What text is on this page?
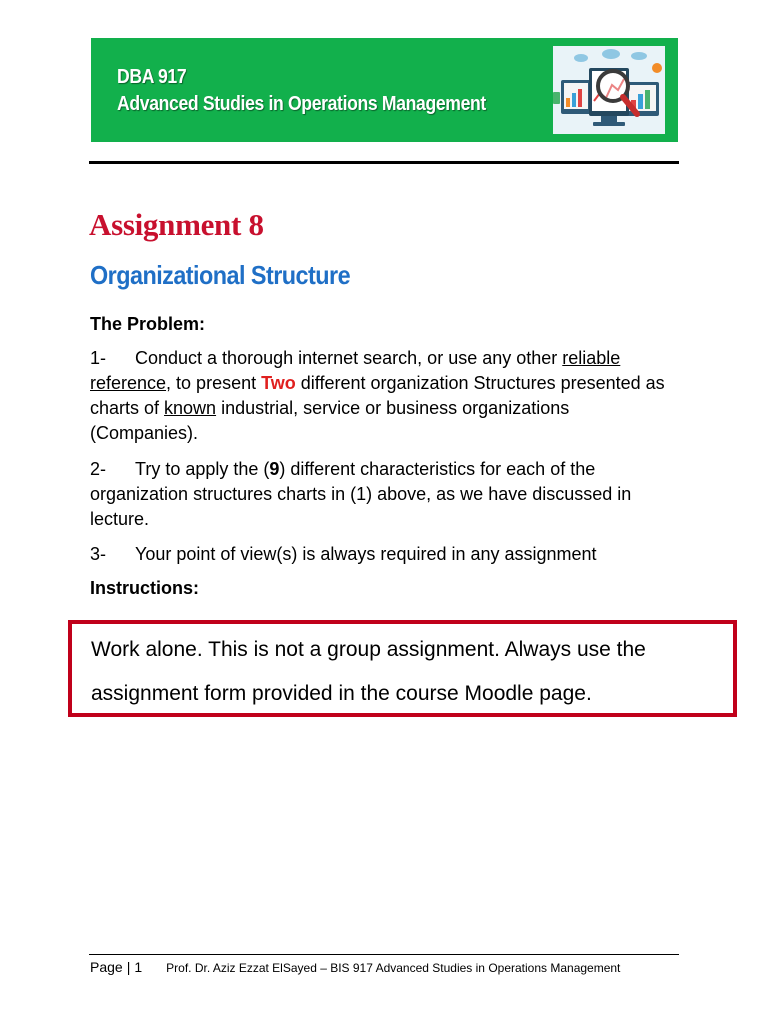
DBA 917
Advanced Studies in Operations Management
Assignment 8
Organizational Structure
The Problem:

1- Conduct a thorough internet search, or use any other reliable reference, to present Two different organization Structures presented as charts of known industrial, service or business organizations (Companies).

2- Try to apply the (9) different characteristics for each of the organization structures charts in (1) above, as we have discussed in lecture.

3- Your point of view(s) is always required in any assignment

Instructions:

Work alone. This is not a group assignment. Always use the assignment form provided in the course Moodle page.

Page | 1 Prof. Dr. Aziz Ezzat ElSayed – BIS 917 Advanced Studies in Operations Management
